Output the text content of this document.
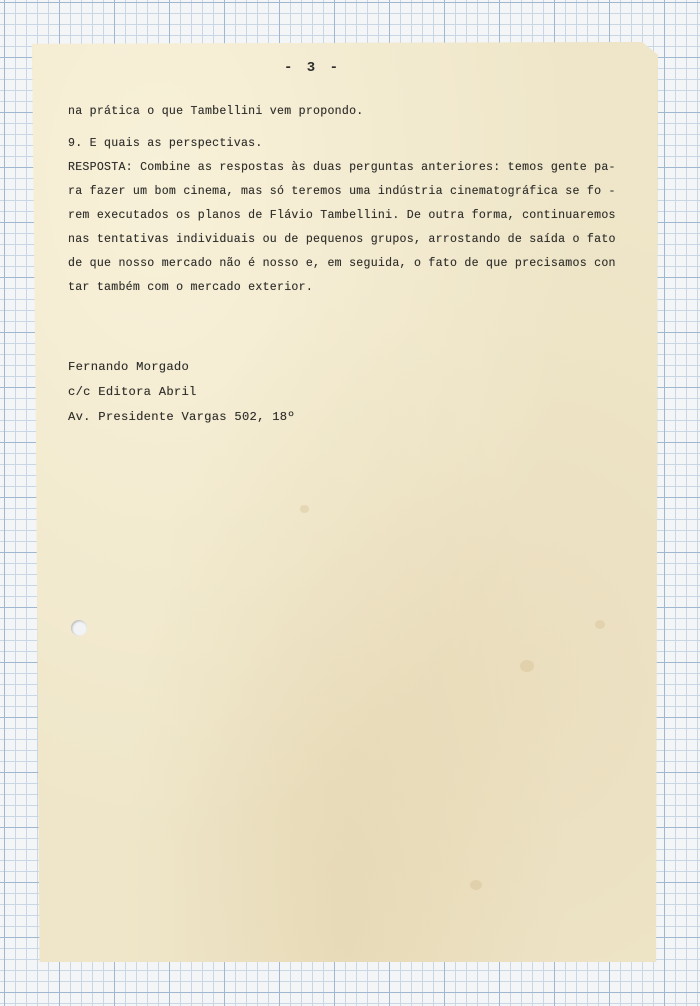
- 3 -
na prática o que Tambellini vem propondo.
9. E quais as perspectivas.
RESPOSTA: Combine as respostas às duas perguntas anteriores: temos gente pa-
ra fazer um bom cinema, mas só teremos uma indústria cinematográfica se fo -
rem executados os planos de Flávio Tambellini. De outra forma, continuaremos
nas tentativas individuais ou de pequenos grupos, arrostando de saída o fato
de que nosso mercado não é nosso e, em seguida, o fato de que precisamos con
tar também com o mercado exterior.
Fernando Morgado
c/c Editora Abril
Av. Presidente Vargas 502, 18º
